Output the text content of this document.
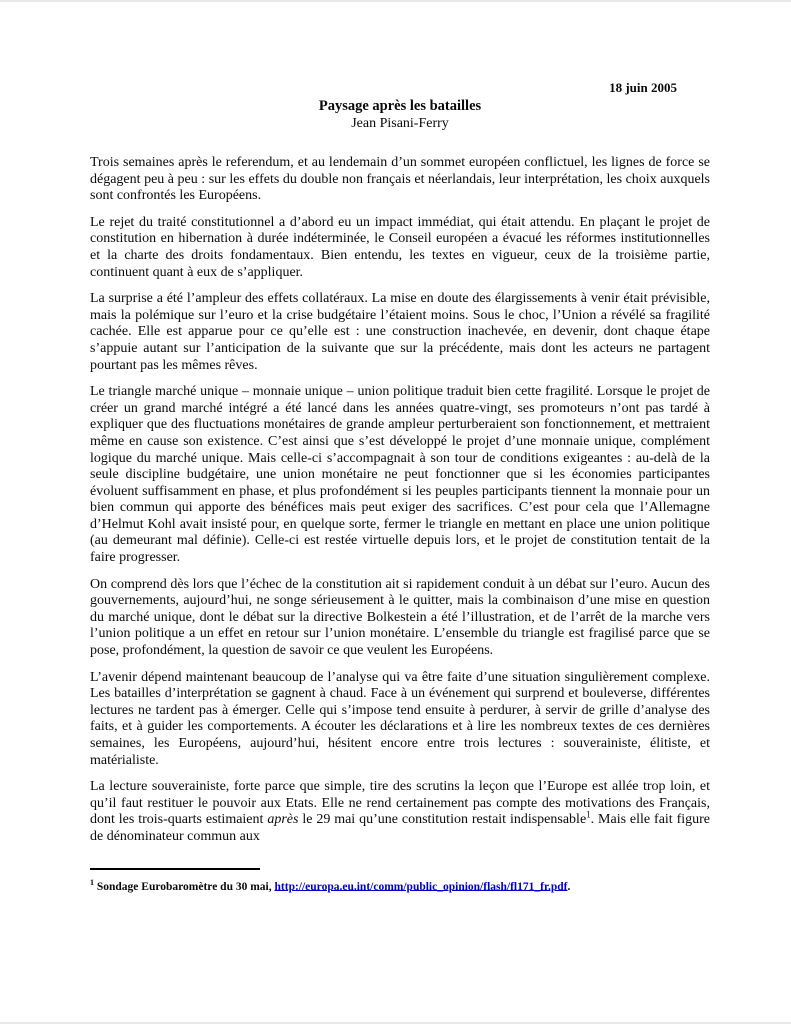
18 juin 2005
Paysage après les batailles
Jean Pisani-Ferry

Trois semaines après le referendum, et au lendemain d’un sommet européen conflictuel, les lignes de force se dégagent peu à peu : sur les effets du double non français et néerlandais, leur interprétation, les choix auxquels sont confrontés les Européens.

Le rejet du traité constitutionnel a d’abord eu un impact immédiat, qui était attendu. En plaçant le projet de constitution en hibernation à durée indéterminée, le Conseil européen a évacué les réformes institutionnelles et la charte des droits fondamentaux. Bien entendu, les textes en vigueur, ceux de la troisième partie, continuent quant à eux de s’appliquer.

La surprise a été l’ampleur des effets collatéraux. La mise en doute des élargissements à venir était prévisible, mais la polémique sur l’euro et la crise budgétaire l’étaient moins. Sous le choc, l’Union a révélé sa fragilité cachée. Elle est apparue pour ce qu’elle est : une construction inachevée, en devenir, dont chaque étape s’appuie autant sur l’anticipation de la suivante que sur la précédente, mais dont les acteurs ne partagent pourtant pas les mêmes rêves.

Le triangle marché unique – monnaie unique – union politique traduit bien cette fragilité. Lorsque le projet de créer un grand marché intégré a été lancé dans les années quatre-vingt, ses promoteurs n’ont pas tardé à expliquer que des fluctuations monétaires de grande ampleur perturberaient son fonctionnement, et mettraient même en cause son existence. C’est ainsi que s’est développé le projet d’une monnaie unique, complément logique du marché unique. Mais celle-ci s’accompagnait à son tour de conditions exigeantes : au-delà de la seule discipline budgétaire, une union monétaire ne peut fonctionner que si les économies participantes évoluent suffisamment en phase, et plus profondément si les peuples participants tiennent la monnaie pour un bien commun qui apporte des bénéfices mais peut exiger des sacrifices. C’est pour cela que l’Allemagne d’Helmut Kohl avait insisté pour, en quelque sorte, fermer le triangle en mettant en place une union politique (au demeurant mal définie). Celle-ci est restée virtuelle depuis lors, et le projet de constitution tentait de la faire progresser.

On comprend dès lors que l’échec de la constitution ait si rapidement conduit à un débat sur l’euro. Aucun des gouvernements, aujourd’hui, ne songe sérieusement à le quitter, mais la combinaison d’une mise en question du marché unique, dont le débat sur la directive Bolkestein a été l’illustration, et de l’arrêt de la marche vers l’union politique a un effet en retour sur l’union monétaire. L’ensemble du triangle est fragilisé parce que se pose, profondément, la question de savoir ce que veulent les Européens.

L’avenir dépend maintenant beaucoup de l’analyse qui va être faite d’une situation singulièrement complexe. Les batailles d’interprétation se gagnent à chaud. Face à un événement qui surprend et bouleverse, différentes lectures ne tardent pas à émerger. Celle qui s’impose tend ensuite à perdurer, à servir de grille d’analyse des faits, et à guider les comportements. A écouter les déclarations et à lire les nombreux textes de ces dernières semaines, les Européens, aujourd’hui, hésitent encore entre trois lectures : souverainiste, élitiste, et matérialiste.

La lecture souverainiste, forte parce que simple, tire des scrutins la leçon que l’Europe est allée trop loin, et qu’il faut restituer le pouvoir aux Etats. Elle ne rend certainement pas compte des motivations des Français, dont les trois-quarts estimaient après le 29 mai qu’une constitution restait indispensable$^1$. Mais elle fait figure de dénominateur commun aux

$^1$ Sondage Eurobaromètre du 30 mai, http://europa.eu.int/comm/public_opinion/flash/fl171_fr.pdf.
